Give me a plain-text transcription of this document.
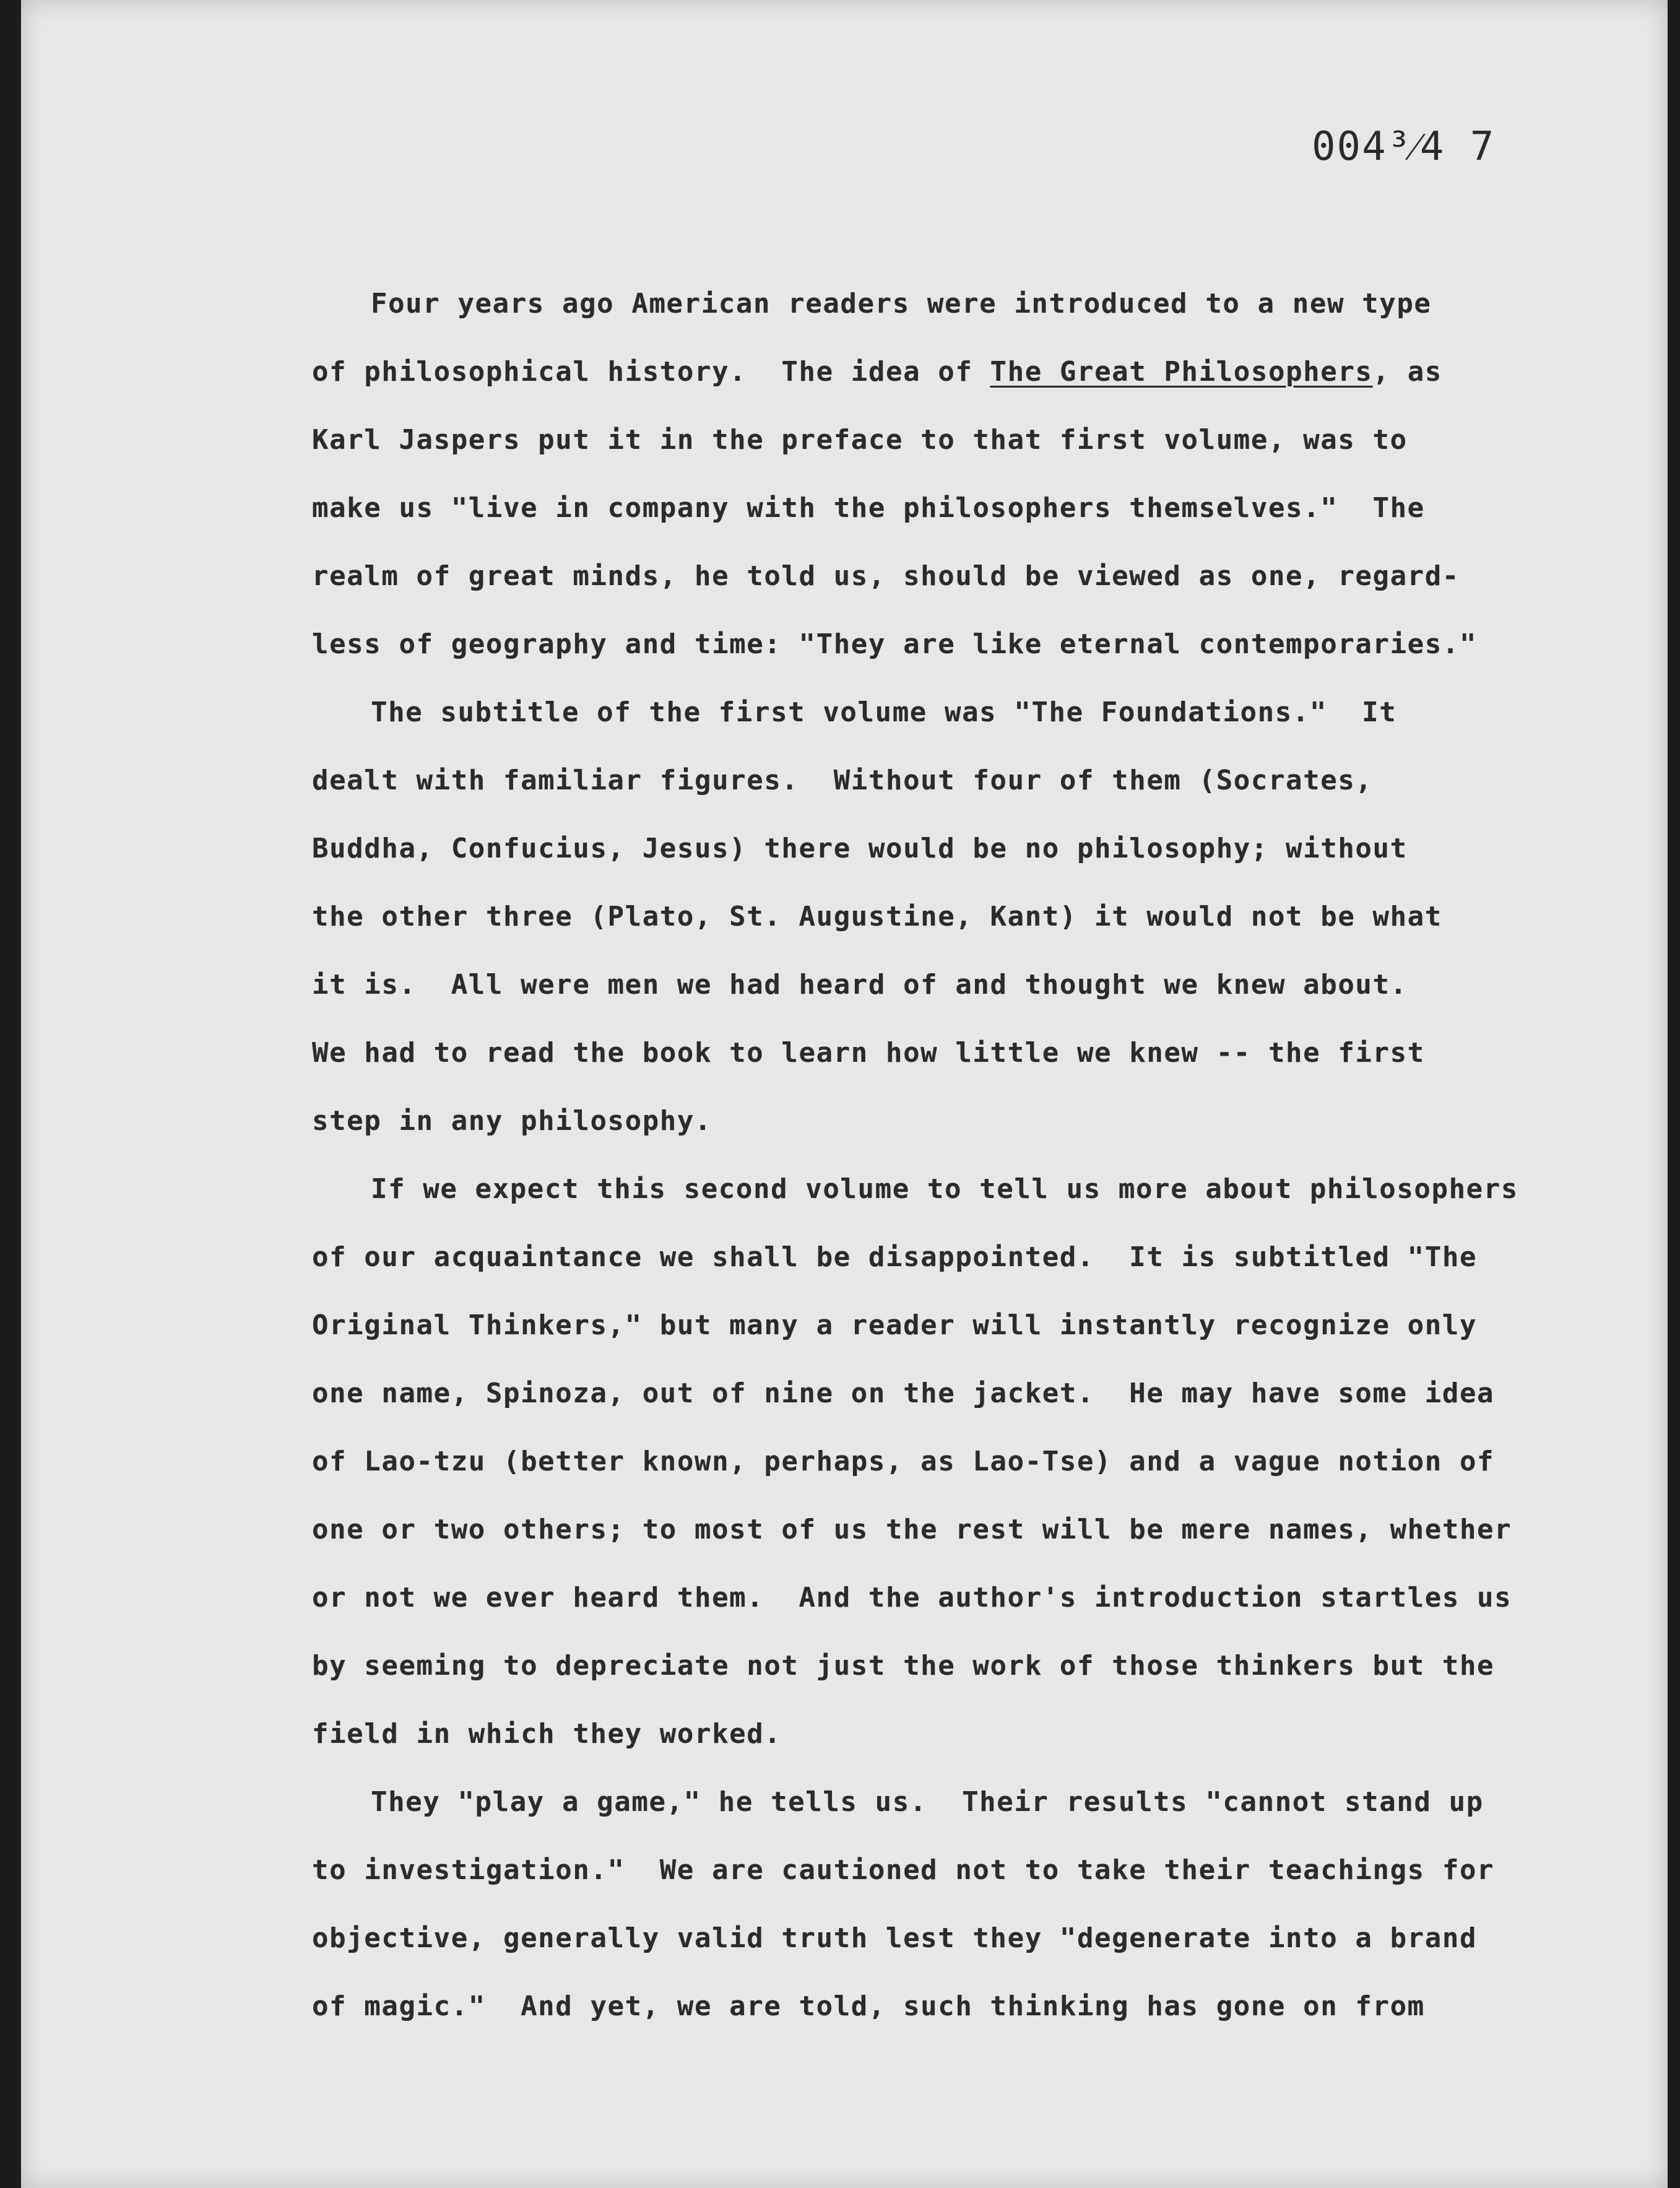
004³⁄4 7

Four years ago American readers were introduced to a new type
of philosophical history.  The idea of The Great Philosophers, as
Karl Jaspers put it in the preface to that first volume, was to
make us "live in company with the philosophers themselves."  The
realm of great minds, he told us, should be viewed as one, regard-
less of geography and time: "They are like eternal contemporaries."
The subtitle of the first volume was "The Foundations."  It
dealt with familiar figures.  Without four of them (Socrates,
Buddha, Confucius, Jesus) there would be no philosophy; without
the other three (Plato, St. Augustine, Kant) it would not be what
it is.  All were men we had heard of and thought we knew about.
We had to read the book to learn how little we knew -- the first
step in any philosophy.
If we expect this second volume to tell us more about philosophers
of our acquaintance we shall be disappointed.  It is subtitled "The
Original Thinkers," but many a reader will instantly recognize only
one name, Spinoza, out of nine on the jacket.  He may have some idea
of Lao-tzu (better known, perhaps, as Lao-Tse) and a vague notion of
one or two others; to most of us the rest will be mere names, whether
or not we ever heard them.  And the author's introduction startles us
by seeming to depreciate not just the work of those thinkers but the
field in which they worked.
They "play a game," he tells us.  Their results "cannot stand up
to investigation."  We are cautioned not to take their teachings for
objective, generally valid truth lest they "degenerate into a brand
of magic."  And yet, we are told, such thinking has gone on from
